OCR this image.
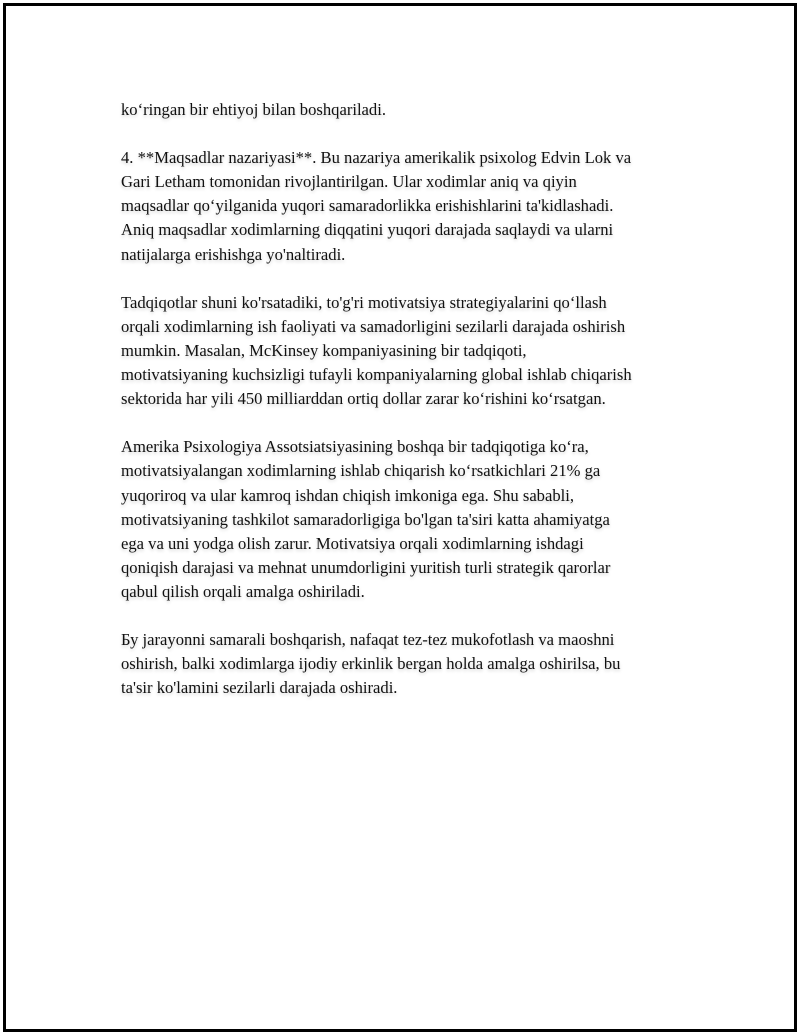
ko‘ringan bir ehtiyoj bilan boshqariladi.

4. **Maqsadlar nazariyasi**. Bu nazariya amerikalik psixolog Edvin Lok va
Gari Letham tomonidan rivojlantirilgan. Ular xodimlar aniq va qiyin
maqsadlar qo‘yilganida yuqori samaradorlikka erishishlarini ta'kidlashadi.
Aniq maqsadlar xodimlarning diqqatini yuqori darajada saqlaydi va ularni
natijalarga erishishga yo'naltiradi.

Tadqiqotlar shuni ko'rsatadiki, to'g'ri motivatsiya strategiyalarini qo‘llash
orqali xodimlarning ish faoliyati va samadorligini sezilarli darajada oshirish
mumkin. Masalan, McKinsey kompaniyasining bir tadqiqoti,
motivatsiyaning kuchsizligi tufayli kompaniyalarning global ishlab chiqarish
sektorida har yili 450 milliarddan ortiq dollar zarar ko‘rishini ko‘rsatgan.

Amerika Psixologiya Assotsiatsiyasining boshqa bir tadqiqotiga ko‘ra,
motivatsiyalangan xodimlarning ishlab chiqarish ko‘rsatkichlari 21% ga
yuqoriroq va ular kamroq ishdan chiqish imkoniga ega. Shu sababli,
motivatsiyaning tashkilot samaradorligiga bo'lgan ta'siri katta ahamiyatga
ega va uni yodga olish zarur. Motivatsiya orqali xodimlarning ishdagi
qoniqish darajasi va mehnat unumdorligini yuritish turli strategik qarorlar
qabul qilish orqali amalga oshiriladi.

Бу jarayonni samarali boshqarish, nafaqat tez-tez mukofotlash va maoshni
oshirish, balki xodimlarga ijodiy erkinlik bergan holda amalga oshirilsa, bu
ta'sir ko'lamini sezilarli darajada oshiradi.
